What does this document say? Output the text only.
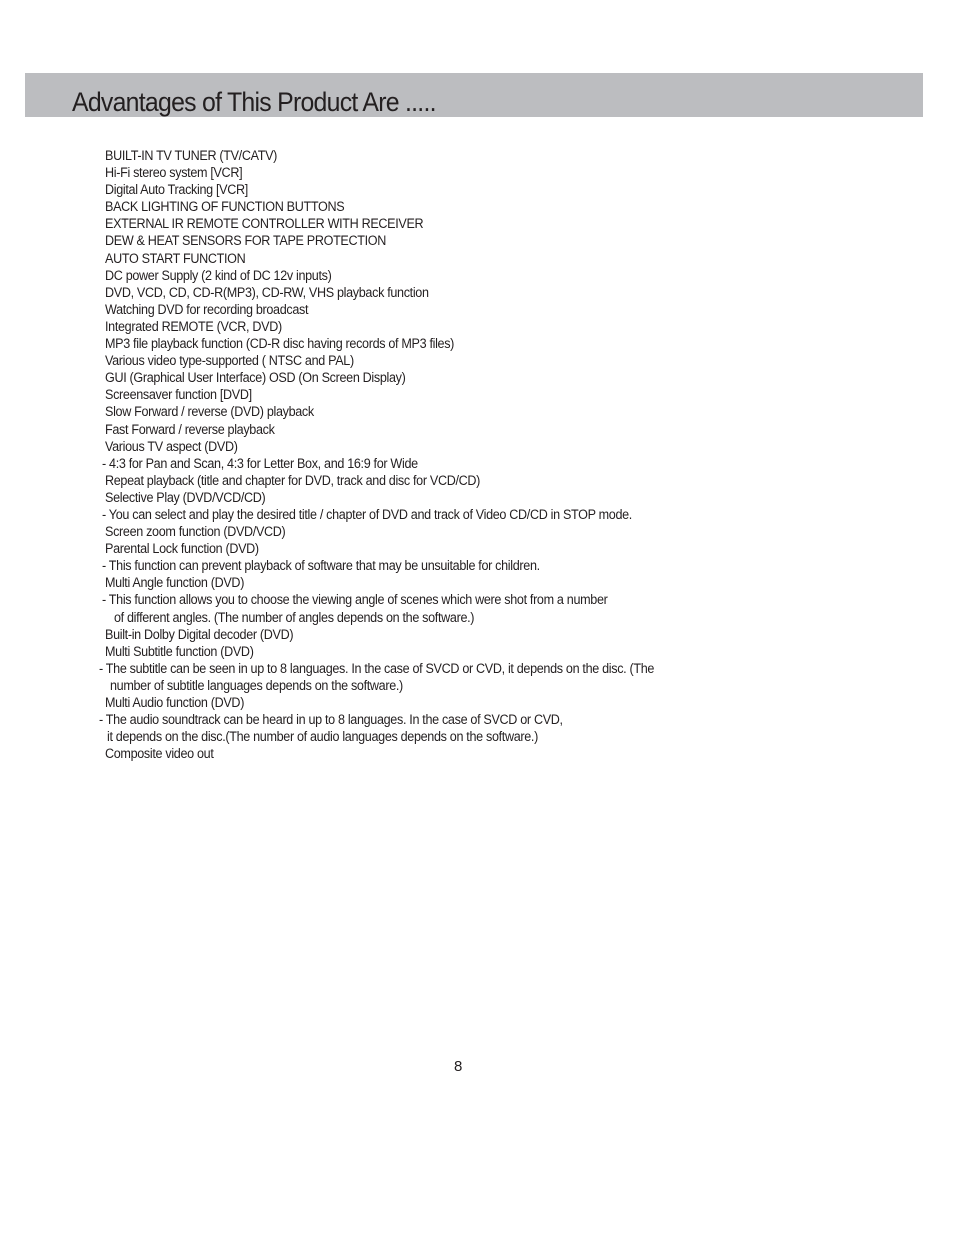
Advantages of This Product Are .....
BUILT-IN TV TUNER (TV/CATV)
Hi-Fi stereo system [VCR]
Digital Auto Tracking [VCR]
BACK LIGHTING OF FUNCTION BUTTONS
EXTERNAL IR REMOTE CONTROLLER WITH RECEIVER
DEW & HEAT SENSORS FOR TAPE PROTECTION
AUTO START FUNCTION
DC power Supply (2 kind of DC 12v inputs)
DVD, VCD, CD, CD-R(MP3), CD-RW, VHS playback function
Watching DVD for recording broadcast
Integrated REMOTE (VCR, DVD)
MP3 file playback function (CD-R disc having records of MP3 files)
Various video type-supported ( NTSC and PAL)
GUI (Graphical User Interface) OSD (On Screen Display)
Screensaver function [DVD]
Slow Forward / reverse (DVD) playback
Fast Forward / reverse playback
Various TV aspect (DVD)
- 4:3 for Pan and Scan, 4:3 for Letter Box, and 16:9 for Wide
Repeat playback (title and chapter for DVD, track and disc for VCD/CD)
Selective Play (DVD/VCD/CD)
- You can select and play the desired title / chapter of DVD and track of Video CD/CD in STOP mode.
Screen zoom function (DVD/VCD)
Parental Lock function (DVD)
- This function can prevent playback of software that may be unsuitable for children.
Multi Angle function (DVD)
- This function allows you to choose the viewing angle of scenes which were shot from a number
of different angles. (The number of angles depends on the software.)
Built-in Dolby Digital decoder (DVD)
Multi Subtitle function (DVD)
- The subtitle can be seen in up to 8 languages. In the case of SVCD or CVD, it depends on the disc. (The
number of subtitle languages depends on the software.)
Multi Audio function (DVD)
- The audio soundtrack can be heard in up to 8 languages. In the case of SVCD or CVD,
it depends on the disc.(The number of audio languages depends on the software.)
Composite video out
8
